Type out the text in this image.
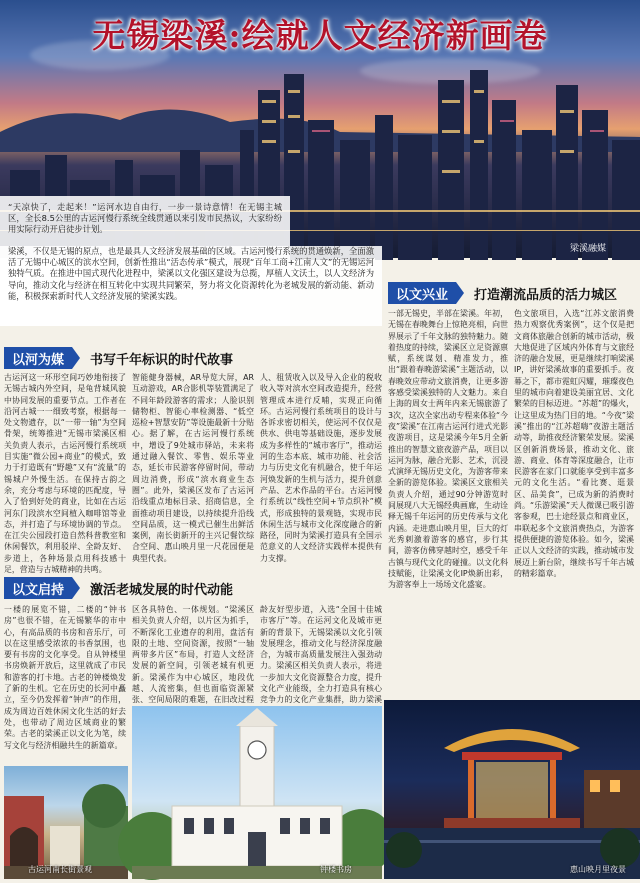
无锡梁溪:绘就人文经济新画卷
梁溪融媒
“天凉快了，走起来！”运河水边自由行，一步一景诗意情！在无锡主城区，全长8.5公里的古运河慢行系统全线贯通以来引发市民热议，大家纷纷用实际行动开启徒步计划。
梁溪，不仅是无锡的原点，也是最具人文经济发展基础的区域。古运河慢行系统的贯通焕新，全面激活了无锡中心城区的滨水空间，创新性推出“活态传承”模式，展现“百年工商+江南人文”的无锡运河独特气质。在推进中国式现代化进程中，梁溪以文化强区建设为总揽，厚植人文沃土，以人文经济为导向，推动文化与经济在相互转化中实现共同繁荣，努力将文化资源转化为老城发展的新动能、新动能，积极探索新时代人文经济发展的梁溪实践。	以文兴业	打造潮流品质的活力城区
一部无锡史，半部在梁溪。年初，无锡在春晚舞台上惊艳亮相，向世界展示了千年文脉的独特魅力。随着热度的持续，梁溪区立足资源禀赋，系统谋划、精准发力，推出“跟着春晚游梁溪”主题活动，以春晚效应带动文旅消费，让更多游客感受梁溪独特的人文魅力。来自上海的周女士两年内来无锡旅游了3次，这次全家出动专程来体验“今夜”梁溪”在江南古运河行进式光影夜游项目，这是梁溪今年5月全新推出的智慧文旅夜游产品，项目以运河为脉，融合光影、艺术，沉浸式演绎无锡历史文化，为游客带来全新的游览体验。梁溪区文旅相关负责人介绍，通过90分钟游览时间展现八大无锡经典画廊，生动诠释无锡千年运河的历史传承与文化内涵。走进惠山映月里，巨大的灯光秀刺激着游客的感官，步行其间，游客仿佛穿越时空，感受千年古镇与现代文化的碰撞。以文化科技赋能，让梁溪文化IP焕新出彩，为游客奉上一场场文化盛宴。
色文旅项目，入选“江苏文旅消费热力观察优秀案例”，这个仅是把文商体旅融合创新的城市活动，极大地促进了区域内外体育与文旅经济的融合发展，更是继续打响梁溪IP，讲好梁溪故事的重要抓手。夜幕之下，都市霓虹闪耀，璀璨夜色里的城市向着建设美丽宜居、文化繁荣的目标迈进。“苏超”的爆火，让这里成为热门目的地。“今夜”梁溪”推出的“江苏超嗨”夜游主题活动等，助推夜经济繁荣发展。梁溪区创新消费场景，推动文化、旅游、商业、体育等深度融合，让市民游客在家门口就能享受到丰富多元的文化生活。“看比赛、逛景区、品美食”，已成为新的消费时尚。“乐游梁溪”天人微课已吸引游客参观，巴士途经景点和商业区，串联起多个文旅消费热点，为游客提供便捷的游览体验。如今，梁溪正以人文经济的实践，推动城市发展迈上新台阶，继续书写千年古城的精彩篇章。
以河为媒	书写千年标识的时代故事
古运河这一环形空间巧妙地衔接了无锡古城内外空间，是龟背城风貌中协同发展的重要节点。工作者在沿河古城一一细致考察，根据每一处文物遗存，以“一带一轴”为空间骨架，统筹推进“无锡市梁溪区相关负责人表示，古运河慢行系统项目实施“微公园+商业”的模式，致力于打造既有“野趣”又有“流量”的锡城户外慢生活。在保持古韵之余，充分考虑与环境的匹配度，导入了恰到好处的商业，比如在古运河东门段滨水空间植入咖啡馆等业态，并打造了与环境协调的节点。在江尖公园段打造自然科普教室和休闲餐饮，利用驳岸、全龄友好、步道上，各种场景点用科技感十足，营造与古城精神的共鸣。
智能健身器械，AR导览大屏，AR互动游戏，AR合影机等装置满足了不同年龄段游客的需求；人脸识别储物柜、智能心率检测器、“低空巡检+智慧安防”等设施最新十分贴心。据了解，在古运河慢行系统中，增设了9处城市驿站，未来将通过融入餐饮、零售、娱乐等业态，延长市民游客停留时间，带动周边消费，形成“滨水商业生态圈”。此外，梁溪区发布了古运河沿线重点地标目录、招商信息，全面推动项目建设，以持续提升沿线空间品质，这一模式已催生出鲜活案例，南长街新开的主兴记餐饮综合空间、惠山映月里一尺花园便是典型代表。
人、租赁收入以及导入企业的税收收入等对滨水空间改造提升，经营管理成本进行反哺，实现正向循环。古运河慢行系统项目的设计与各诉求密切相关，使运河不仅仅是供水、供电等基础设施，逐步发展成为多样性的“城市客厅”，推动运河的生态本底、城市功能、社会活力与历史文化有机融合，使千年运河焕发新的生机与活力，提升创意产品、艺术作品的平台。古运河慢行系统以“线性空间+节点织补”模式，形成独特的景观链，实现市民休闲生活与城市文化深度融合的新路径，同时为梁溪打造具有全国示范意义的人文经济实践样本提供有力支撑。
以文启持	激活老城发展的时代动能
一楼的展览不错，二楼的“钟书房”也很不错，在无锡繁华的市中心，有高品质的书房和音乐厅，可以在这里感受浓浓的书香氛围，也要有书房的文化享受。自从钟楼里书房焕新开放后，这里就成了市民和游客的打卡地。古老的钟楼焕发了新的生机。它在历史的长河中矗立，至今仍发挥着“钟声”的作用，成为周边百姓休闲文化生活的好去处，也带动了周边区域商业的繁荣。古老的梁溪正以文化为笔，续写文化与经济相融共生的新篇章。
区各具特色、一体规划。“梁溪区相关负责人介绍，以片区为抓手，不断深化工业遗存的利用，盘活有限的土地、空间资源，按照“一轴两带多片区”布局，打造人文经济发展的新空间，引领老城有机更新。梁溪作为中心城区，地段优越、人流密集，但也面临资源紧张、空间局限的难题，在旧改过程
龄友好型步道，入选“全国十佳城市客厅”等。在运河文化及城市更新的背景下，无锡梁溪以文化引领发展理念，推动文化与经济深度融合，为城市高质量发展注入强劲动力。梁溪区相关负责人表示，将进一步加大文化资源整合力度，提升文化产业能级，全力打造具有核心竞争力的文化产业集群，助力梁溪
古运河南长街景观	钟楼书房	惠山映月里夜景
